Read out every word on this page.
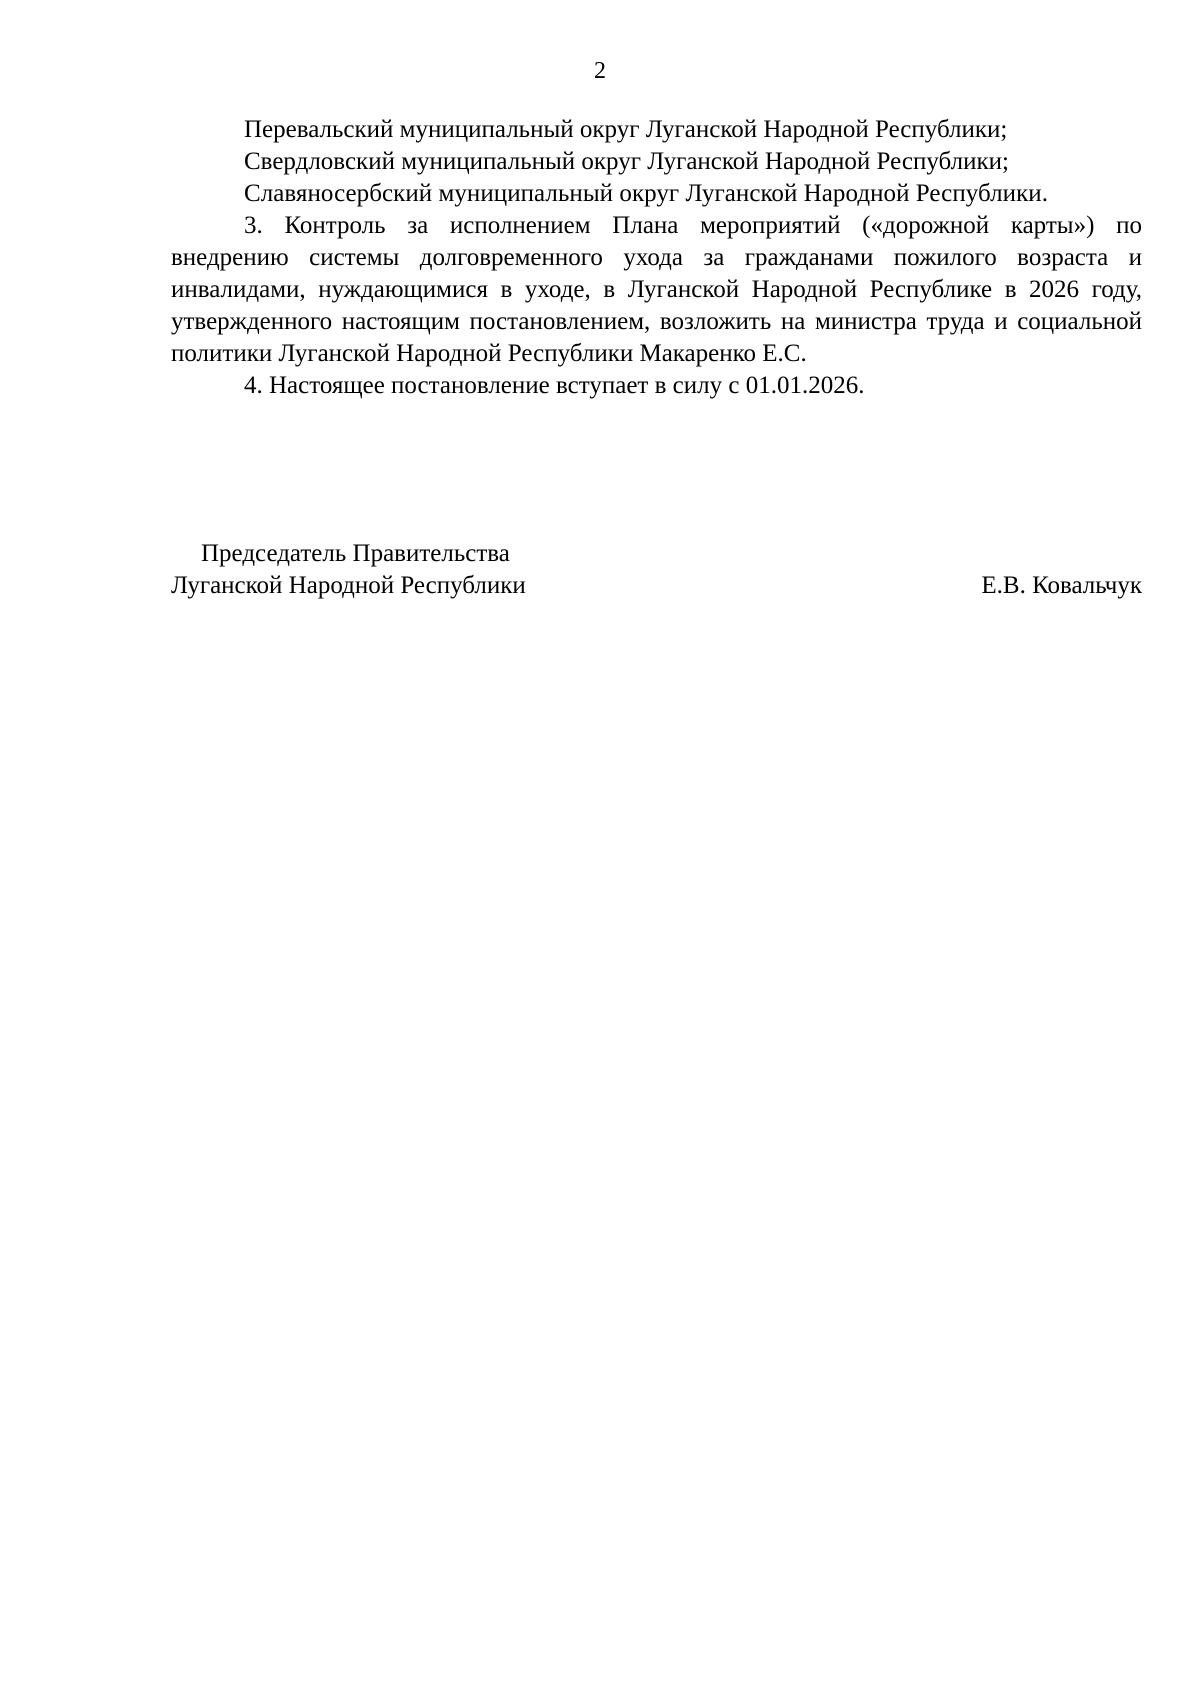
2

Перевальский муниципальный округ Луганской Народной Республики;

Свердловский муниципальный округ Луганской Народной Республики;

Славяносербский муниципальный округ Луганской Народной Республики.

3. Контроль за исполнением Плана мероприятий («дорожной карты») по внедрению системы долговременного ухода за гражданами пожилого возраста и инвалидами, нуждающимися в уходе, в Луганской Народной Республике в 2026 году, утвержденного настоящим постановлением, возложить на министра труда и социальной политики Луганской Народной Республики Макаренко Е.С.

4. Настоящее постановление вступает в силу с 01.01.2026.

Председатель Правительства
Луганской Народной Республики	Е.В. Ковальчук
